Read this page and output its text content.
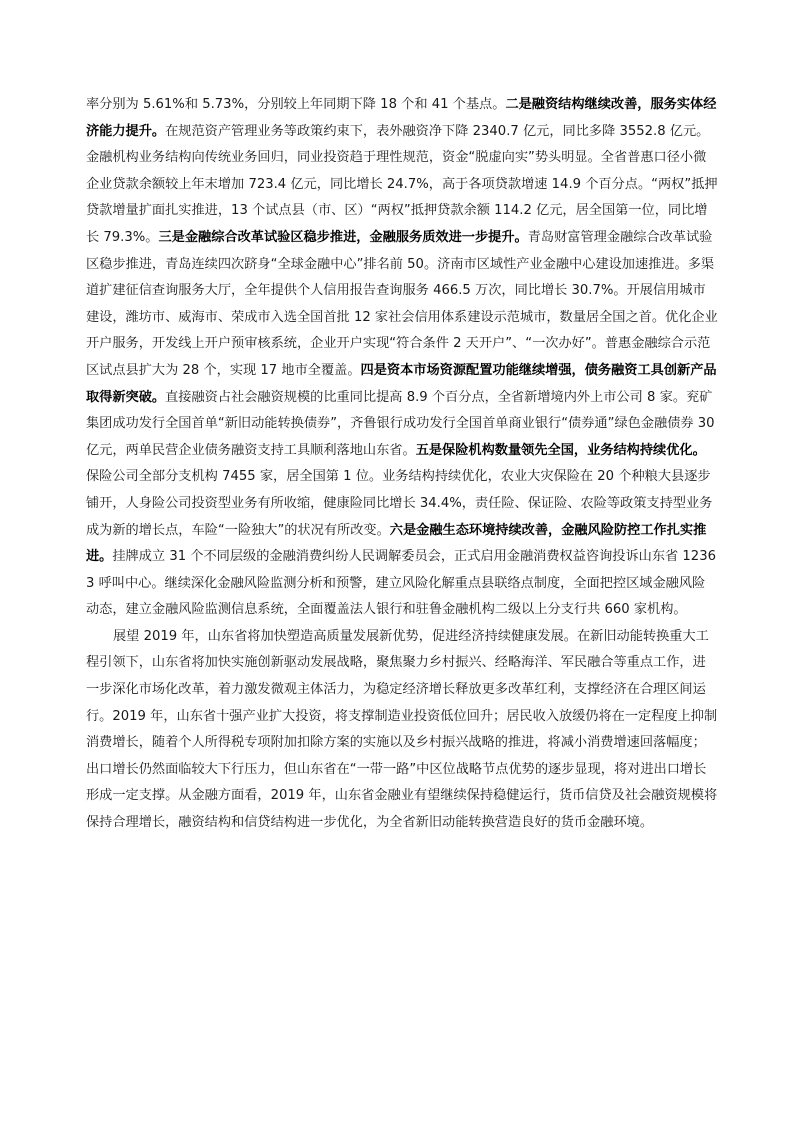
率分别为 5.61%和 5.73%，分别较上年同期下降 18 个和 41 个基点。二是融资结构继续改善，服务实体经济能力提升。在规范资产管理业务等政策约束下，表外融资净下降 2340.7 亿元，同比多降 3552.8 亿元。金融机构业务结构向传统业务回归，同业投资趋于理性规范，资金“脱虚向实”势头明显。全省普惠口径小微企业贷款余额较上年末增加 723.4 亿元，同比增长 24.7%，高于各项贷款增速 14.9 个百分点。“两权”抵押贷款增量扩面扎实推进，13 个试点县（市、区）“两权”抵押贷款余额 114.2 亿元，居全国第一位，同比增长 79.3%。三是金融综合改革试验区稳步推进，金融服务质效进一步提升。青岛财富管理金融综合改革试验区稳步推进，青岛连续四次跻身“全球金融中心”排名前 50。济南市区域性产业金融中心建设加速推进。多渠道扩建征信查询服务大厅，全年提供个人信用报告查询服务 466.5 万次，同比增长 30.7%。开展信用城市建设，潍坊市、威海市、荣成市入选全国首批 12 家社会信用体系建设示范城市，数量居全国之首。优化企业开户服务，开发线上开户预审核系统，企业开户实现“符合条件 2 天开户”、“一次办好”。普惠金融综合示范区试点县扩大为 28 个，实现 17 地市全覆盖。四是资本市场资源配置功能继续增强，债务融资工具创新产品取得新突破。直接融资占社会融资规模的比重同比提高 8.9 个百分点，全省新增境内外上市公司 8 家。兖矿集团成功发行全国首单“新旧动能转换债券”，齐鲁银行成功发行全国首单商业银行“债券通”绿色金融债券 30 亿元，两单民营企业债务融资支持工具顺利落地山东省。五是保险机构数量领先全国，业务结构持续优化。保险公司全部分支机构 7455 家，居全国第 1 位。业务结构持续优化，农业大灾保险在 20 个种粮大县逐步铺开，人身险公司投资型业务有所收缩，健康险同比增长 34.4%，责任险、保证险、农险等政策支持型业务成为新的增长点，车险“一险独大”的状况有所改变。六是金融生态环境持续改善，金融风险防控工作扎实推进。挂牌成立 31 个不同层级的金融消费纠纷人民调解委员会，正式启用金融消费权益咨询投诉山东省 12363 呼叫中心。继续深化金融风险监测分析和预警，建立风险化解重点县联络点制度，全面把控区域金融风险动态，建立金融风险监测信息系统，全面覆盖法人银行和驻鲁金融机构二级以上分支行共 660 家机构。

展望 2019 年，山东省将加快塑造高质量发展新优势，促进经济持续健康发展。在新旧动能转换重大工程引领下，山东省将加快实施创新驱动发展战略，聚焦聚力乡村振兴、经略海洋、军民融合等重点工作，进一步深化市场化改革，着力激发微观主体活力，为稳定经济增长释放更多改革红利，支撑经济在合理区间运行。2019 年，山东省十强产业扩大投资，将支撑制造业投资低位回升；居民收入放缓仍将在一定程度上抑制消费增长，随着个人所得税专项附加扣除方案的实施以及乡村振兴战略的推进，将减小消费增速回落幅度；出口增长仍然面临较大下行压力，但山东省在“一带一路”中区位战略节点优势的逐步显现，将对进出口增长形成一定支撑。从金融方面看，2019 年，山东省金融业有望继续保持稳健运行，货币信贷及社会融资规模将保持合理增长，融资结构和信贷结构进一步优化，为全省新旧动能转换营造良好的货币金融环境。
